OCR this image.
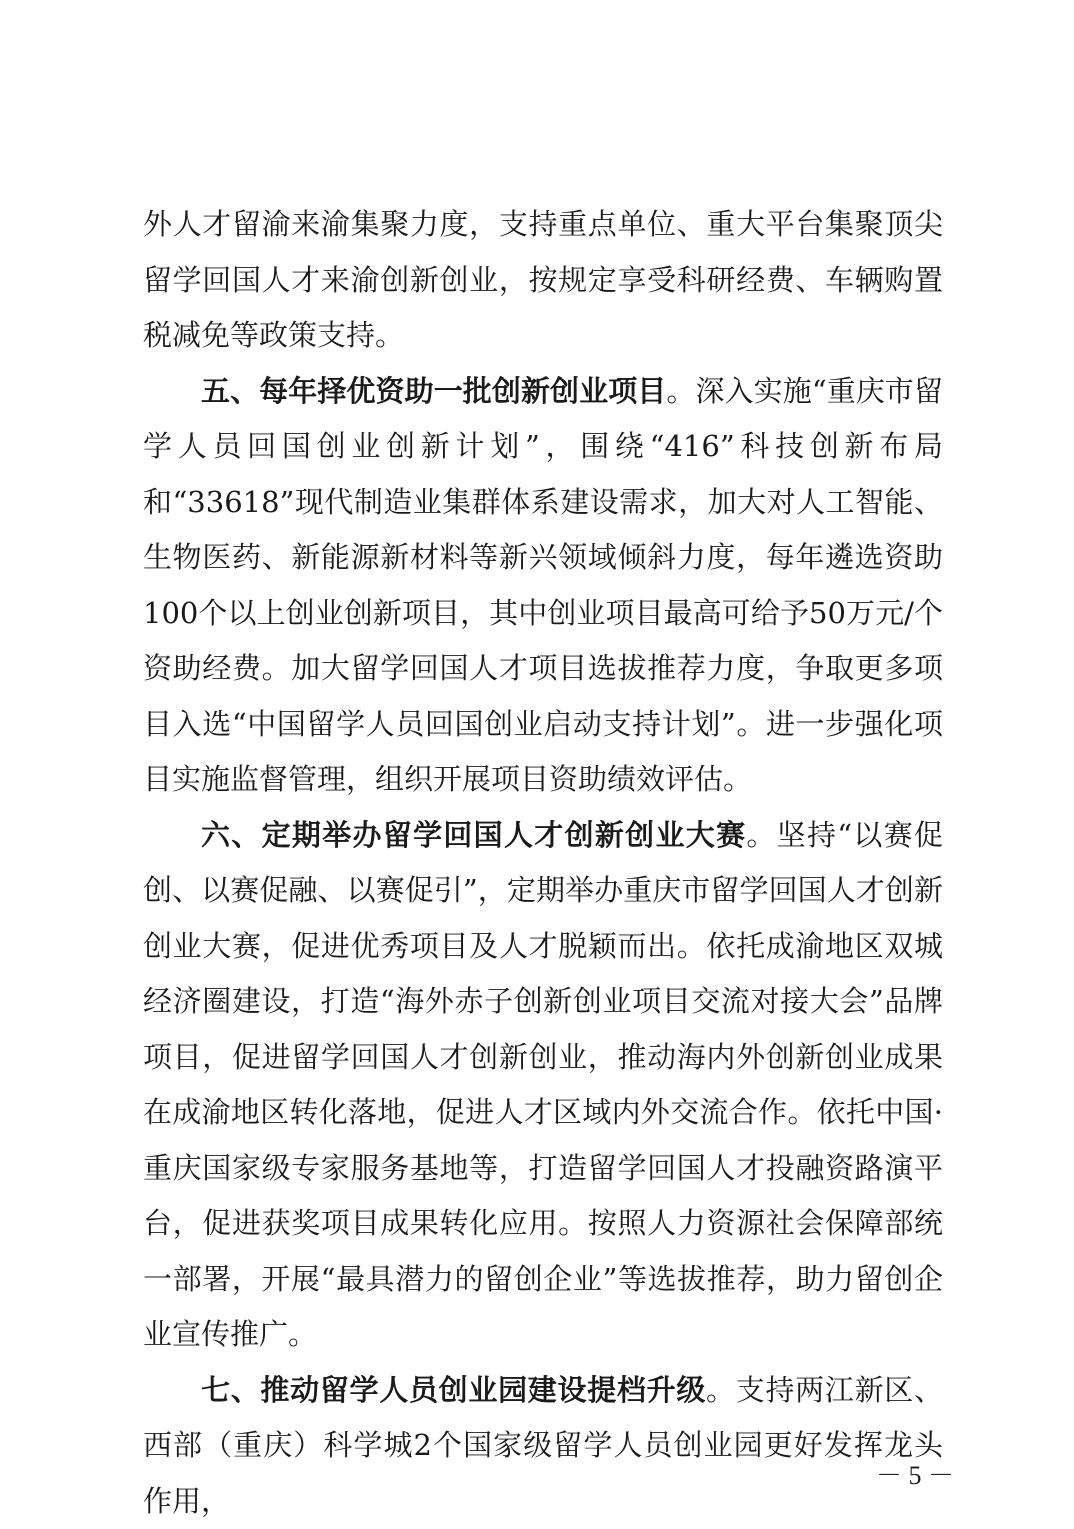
外人才留渝来渝集聚力度，支持重点单位、重大平台集聚顶尖留学回国人才来渝创新创业，按规定享受科研经费、车辆购置税减免等政策支持。

五、每年择优资助一批创新创业项目。深入实施“重庆市留学人员回国创业创新计划”，围绕“416”科技创新布局和“33618”现代制造业集群体系建设需求，加大对人工智能、生物医药、新能源新材料等新兴领域倾斜力度，每年遴选资助100个以上创业创新项目，其中创业项目最高可给予50万元/个资助经费。加大留学回国人才项目选拔推荐力度，争取更多项目入选“中国留学人员回国创业启动支持计划”。进一步强化项目实施监督管理，组织开展项目资助绩效评估。

六、定期举办留学回国人才创新创业大赛。坚持“以赛促创、以赛促融、以赛促引”，定期举办重庆市留学回国人才创新创业大赛，促进优秀项目及人才脱颖而出。依托成渝地区双城经济圈建设，打造“海外赤子创新创业项目交流对接大会”品牌项目，促进留学回国人才创新创业，推动海内外创新创业成果在成渝地区转化落地，促进人才区域内外交流合作。依托中国·重庆国家级专家服务基地等，打造留学回国人才投融资路演平台，促进获奖项目成果转化应用。按照人力资源社会保障部统一部署，开展“最具潜力的留创企业”等选拔推荐，助力留创企业宣传推广。

七、推动留学人员创业园建设提档升级。支持两江新区、西部（重庆）科学城2个国家级留学人员创业园更好发挥龙头作用，

－ 5 －
